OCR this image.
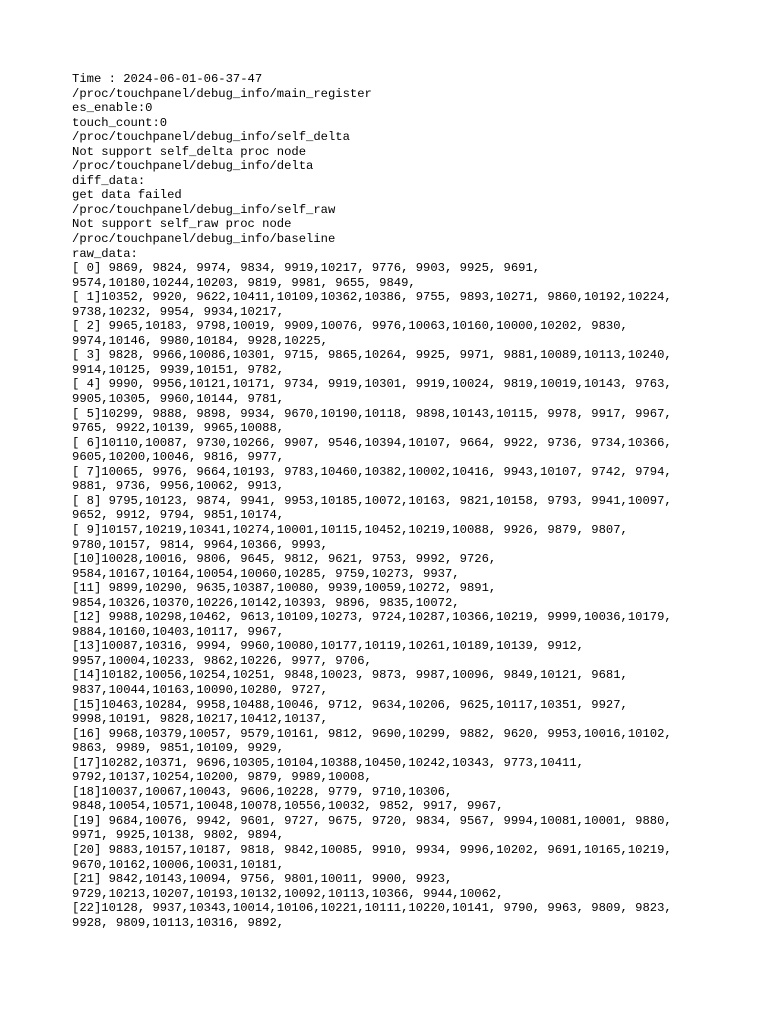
Time : 2024-06-01-06-37-47
/proc/touchpanel/debug_info/main_register
es_enable:0
touch_count:0
/proc/touchpanel/debug_info/self_delta
Not support self_delta proc node
/proc/touchpanel/debug_info/delta
diff_data:
get data failed
/proc/touchpanel/debug_info/self_raw
Not support self_raw proc node
/proc/touchpanel/debug_info/baseline
raw_data:
[ 0] 9869, 9824, 9974, 9834, 9919,10217, 9776, 9903, 9925, 9691,
9574,10180,10244,10203, 9819, 9981, 9655, 9849,
[ 1]10352, 9920, 9622,10411,10109,10362,10386, 9755, 9893,10271, 9860,10192,10224,
9738,10232, 9954, 9934,10217,
[ 2] 9965,10183, 9798,10019, 9909,10076, 9976,10063,10160,10000,10202, 9830,
9974,10146, 9980,10184, 9928,10225,
[ 3] 9828, 9966,10086,10301, 9715, 9865,10264, 9925, 9971, 9881,10089,10113,10240,
9914,10125, 9939,10151, 9782,
[ 4] 9990, 9956,10121,10171, 9734, 9919,10301, 9919,10024, 9819,10019,10143, 9763,
9905,10305, 9960,10144, 9781,
[ 5]10299, 9888, 9898, 9934, 9670,10190,10118, 9898,10143,10115, 9978, 9917, 9967,
9765, 9922,10139, 9965,10088,
[ 6]10110,10087, 9730,10266, 9907, 9546,10394,10107, 9664, 9922, 9736, 9734,10366,
9605,10200,10046, 9816, 9977,
[ 7]10065, 9976, 9664,10193, 9783,10460,10382,10002,10416, 9943,10107, 9742, 9794,
9881, 9736, 9956,10062, 9913,
[ 8] 9795,10123, 9874, 9941, 9953,10185,10072,10163, 9821,10158, 9793, 9941,10097,
9652, 9912, 9794, 9851,10174,
[ 9]10157,10219,10341,10274,10001,10115,10452,10219,10088, 9926, 9879, 9807,
9780,10157, 9814, 9964,10366, 9993,
[10]10028,10016, 9806, 9645, 9812, 9621, 9753, 9992, 9726,
9584,10167,10164,10054,10060,10285, 9759,10273, 9937,
[11] 9899,10290, 9635,10387,10080, 9939,10059,10272, 9891,
9854,10326,10370,10226,10142,10393, 9896, 9835,10072,
[12] 9988,10298,10462, 9613,10109,10273, 9724,10287,10366,10219, 9999,10036,10179,
9884,10160,10403,10117, 9967,
[13]10087,10316, 9994, 9960,10080,10177,10119,10261,10189,10139, 9912,
9957,10004,10233, 9862,10226, 9977, 9706,
[14]10182,10056,10254,10251, 9848,10023, 9873, 9987,10096, 9849,10121, 9681,
9837,10044,10163,10090,10280, 9727,
[15]10463,10284, 9958,10488,10046, 9712, 9634,10206, 9625,10117,10351, 9927,
9998,10191, 9828,10217,10412,10137,
[16] 9968,10379,10057, 9579,10161, 9812, 9690,10299, 9882, 9620, 9953,10016,10102,
9863, 9989, 9851,10109, 9929,
[17]10282,10371, 9696,10305,10104,10388,10450,10242,10343, 9773,10411,
9792,10137,10254,10200, 9879, 9989,10008,
[18]10037,10067,10043, 9606,10228, 9779, 9710,10306,
9848,10054,10571,10048,10078,10556,10032, 9852, 9917, 9967,
[19] 9684,10076, 9942, 9601, 9727, 9675, 9720, 9834, 9567, 9994,10081,10001, 9880,
9971, 9925,10138, 9802, 9894,
[20] 9883,10157,10187, 9818, 9842,10085, 9910, 9934, 9996,10202, 9691,10165,10219,
9670,10162,10006,10031,10181,
[21] 9842,10143,10094, 9756, 9801,10011, 9900, 9923,
9729,10213,10207,10193,10132,10092,10113,10366, 9944,10062,
[22]10128, 9937,10343,10014,10106,10221,10111,10220,10141, 9790, 9963, 9809, 9823,
9928, 9809,10113,10316, 9892,
